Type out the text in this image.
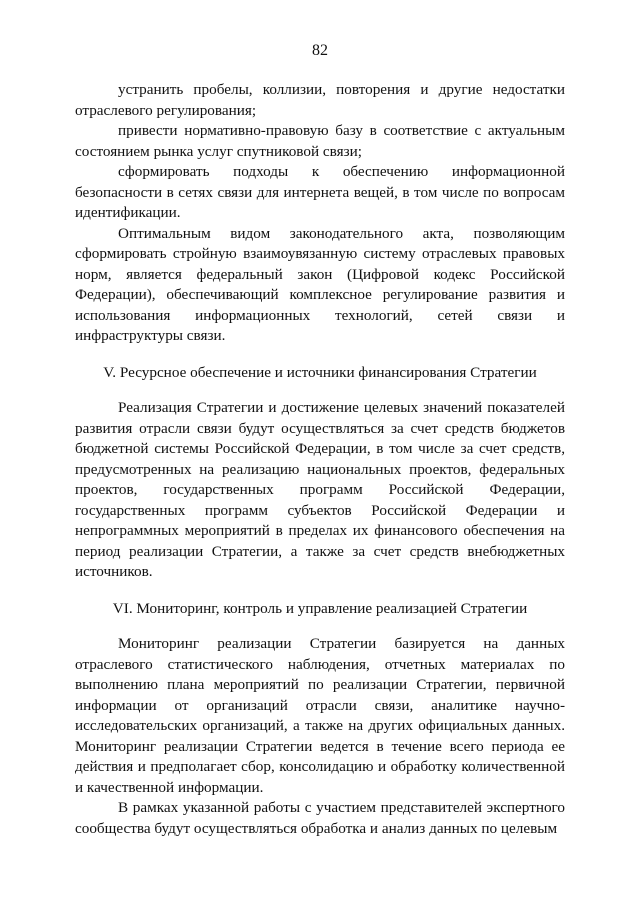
82

устранить пробелы, коллизии, повторения и другие недостатки отраслевого регулирования;

привести нормативно-правовую базу в соответствие с актуальным состоянием рынка услуг спутниковой связи;

сформировать подходы к обеспечению информационной безопасности в сетях связи для интернета вещей, в том числе по вопросам идентификации.

Оптимальным видом законодательного акта, позволяющим сформировать стройную взаимоувязанную систему отраслевых правовых норм, является федеральный закон (Цифровой кодекс Российской Федерации), обеспечивающий комплексное регулирование развития и использования информационных технологий, сетей связи и инфраструктуры связи.

V. Ресурсное обеспечение и источники финансирования Стратегии

Реализация Стратегии и достижение целевых значений показателей развития отрасли связи будут осуществляться за счет средств бюджетов бюджетной системы Российской Федерации, в том числе за счет средств, предусмотренных на реализацию национальных проектов, федеральных проектов, государственных программ Российской Федерации, государственных программ субъектов Российской Федерации и непрограммных мероприятий в пределах их финансового обеспечения на период реализации Стратегии, а также за счет средств внебюджетных источников.

VI. Мониторинг, контроль и управление реализацией Стратегии

Мониторинг реализации Стратегии базируется на данных отраслевого статистического наблюдения, отчетных материалах по выполнению плана мероприятий по реализации Стратегии, первичной информации от организаций отрасли связи, аналитике научно-исследовательских организаций, а также на других официальных данных. Мониторинг реализации Стратегии ведется в течение всего периода ее действия и предполагает сбор, консолидацию и обработку количественной и качественной информации.

В рамках указанной работы с участием представителей экспертного сообщества будут осуществляться обработка и анализ данных по целевым
